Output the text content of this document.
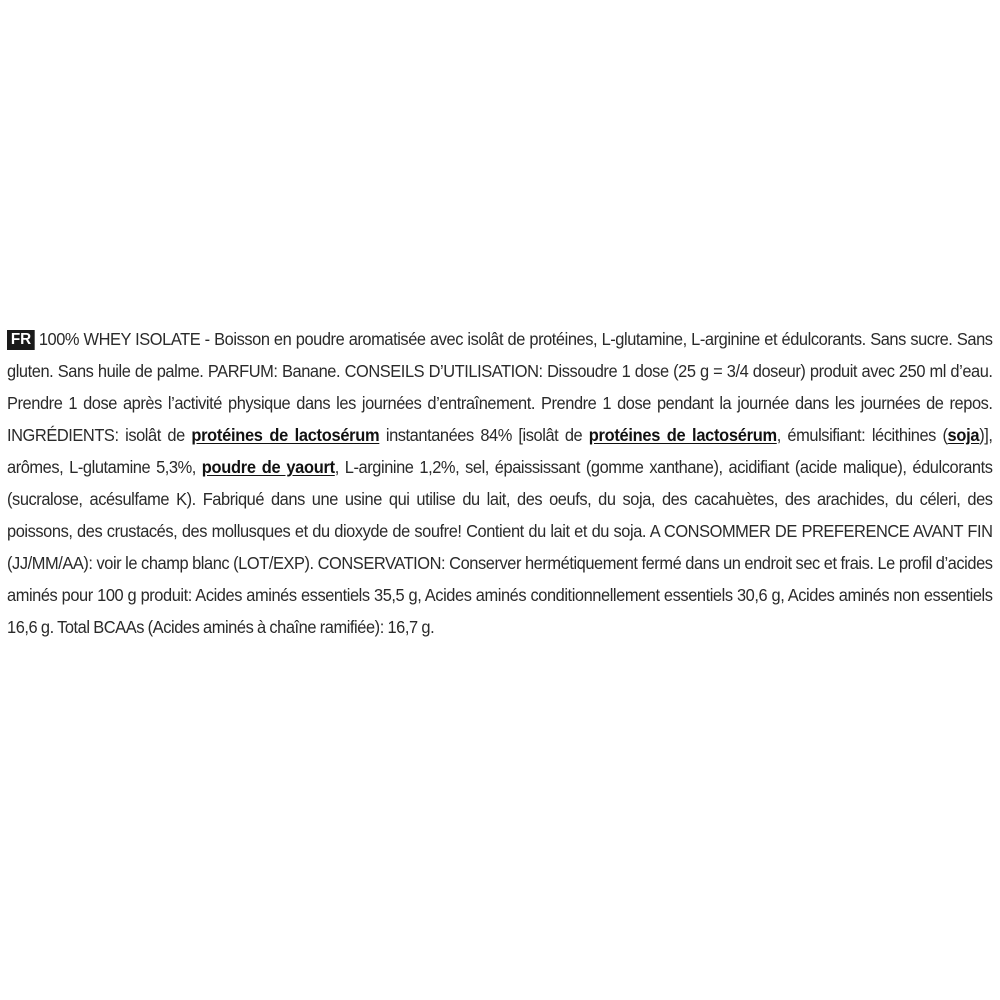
FR 100% WHEY ISOLATE - Boisson en poudre aromatisée avec isolât de protéines, L-glutamine, L-arginine et édulcorants. Sans sucre. Sans gluten. Sans huile de palme. PARFUM: Banane. CONSEILS D’UTILISATION: Dissoudre 1 dose (25 g = 3/4 doseur) produit avec 250 ml d’eau. Prendre 1 dose après l’activité physique dans les journées d’entraînement. Prendre 1 dose pendant la journée dans les journées de repos. INGRÉDIENTS: isolât de protéines de lactosérum instantanées 84% [isolât de protéines de lactosérum, émulsifiant: lécithines (soja)], arômes, L-glutamine 5,3%, poudre de yaourt, L-arginine 1,2%, sel, épaississant (gomme xanthane), acidifiant (acide malique), édulcorants (sucralose, acésulfame K). Fabriqué dans une usine qui utilise du lait, des oeufs, du soja, des cacahuètes, des arachides, du céleri, des poissons, des crustacés, des mollusques et du dioxyde de soufre! Contient du lait et du soja. A CONSOMMER DE PREFERENCE AVANT FIN (JJ/MM/AA): voir le champ blanc (LOT/EXP). CONSERVATION: Conserver hermétiquement fermé dans un endroit sec et frais. Le profil d’acides aminés pour 100 g produit: Acides aminés essentiels 35,5 g, Acides aminés conditionnellement essentiels 30,6 g, Acides aminés non essentiels 16,6 g. Total BCAAs (Acides aminés à chaîne ramifiée): 16,7 g.
